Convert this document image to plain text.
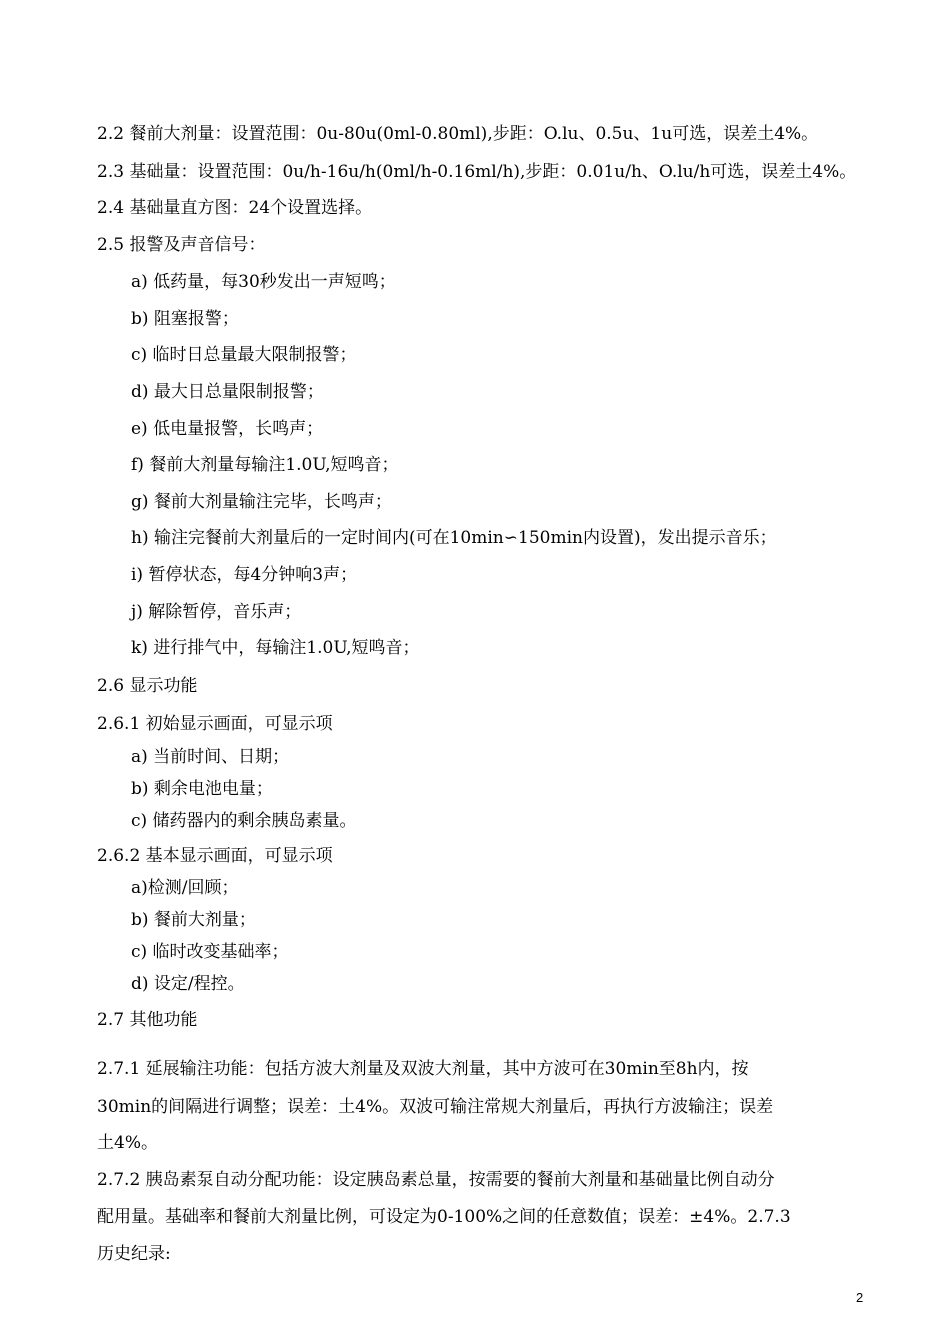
2.2 餐前大剂量：设置范围：0u-80u(0ml-0.80ml),步距：O.lu、0.5u、1u可选，误差土4%。
2.3 基础量：设置范围：0u/h-16u/h(0ml/h-0.16ml/h),步距：0.01u/h、O.lu/h可选，误差土4%。
2.4 基础量直方图：24个设置选择。
2.5 报警及声音信号：
a) 低药量，每30秒发出一声短鸣；
b) 阻塞报警；
c) 临时日总量最大限制报警；
d) 最大日总量限制报警；
e) 低电量报警，长鸣声；
f) 餐前大剂量每输注1.0U,短鸣音；
g) 餐前大剂量输注完毕，长鸣声；
h) 输注完餐前大剂量后的一定时间内(可在10min∽150min内设置)，发出提示音乐；
i) 暂停状态，每4分钟响3声；
j) 解除暂停，音乐声；
k) 进行排气中，每输注1.0U,短鸣音；
2.6 显示功能
2.6.1 初始显示画面，可显示项
a) 当前时间、日期；
b) 剩余电池电量；
c) 储药器内的剩余胰岛素量。
2.6.2 基本显示画面，可显示项
a)检测/回顾；
b) 餐前大剂量；
c) 临时改变基础率；
d) 设定/程控。
2.7 其他功能
2.7.1 延展输注功能：包括方波大剂量及双波大剂量，其中方波可在30min至8h内，按
30min的间隔进行调整；误差：土4%。双波可输注常规大剂量后，再执行方波输注；误差
土4%。
2.7.2 胰岛素泵自动分配功能：设定胰岛素总量，按需要的餐前大剂量和基础量比例自动分
配用量。基础率和餐前大剂量比例，可设定为0-100%之间的任意数值；误差：±4%。2.7.3
历史纪录:
2
